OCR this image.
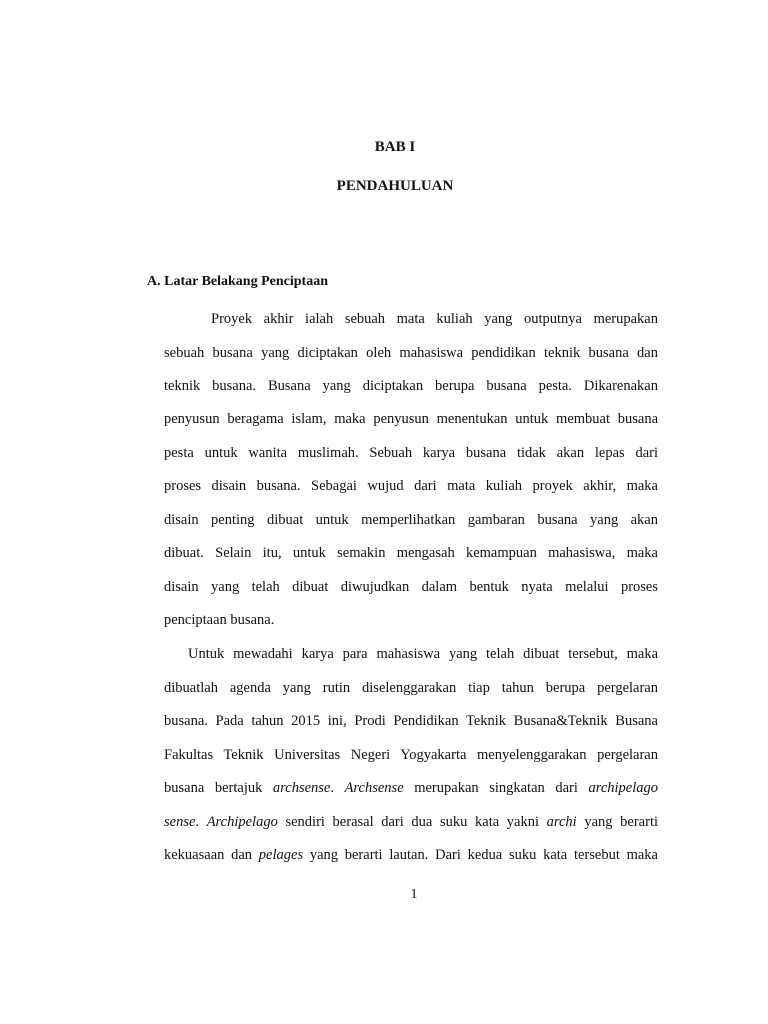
BAB I

PENDAHULUAN

A. Latar Belakang Penciptaan

Proyek akhir ialah sebuah mata kuliah yang outputnya merupakan

sebuah busana yang diciptakan oleh mahasiswa pendidikan teknik busana dan

teknik busana. Busana yang diciptakan berupa busana pesta. Dikarenakan

penyusun beragama islam, maka penyusun menentukan untuk membuat busana

pesta untuk wanita muslimah. Sebuah karya busana tidak akan lepas dari

proses disain busana. Sebagai wujud dari mata kuliah proyek akhir, maka

disain penting dibuat untuk memperlihatkan gambaran busana yang akan

dibuat. Selain itu, untuk semakin mengasah kemampuan mahasiswa, maka

disain yang telah dibuat diwujudkan dalam bentuk nyata melalui proses

penciptaan busana.

Untuk mewadahi karya para mahasiswa yang telah dibuat tersebut, maka

dibuatlah agenda yang rutin diselenggarakan tiap tahun berupa pergelaran

busana. Pada tahun 2015 ini, Prodi Pendidikan Teknik Busana&Teknik Busana

Fakultas Teknik Universitas Negeri Yogyakarta menyelenggarakan pergelaran

busana bertajuk archsense. Archsense merupakan singkatan dari archipelago

sense. Archipelago sendiri berasal dari dua suku kata yakni archi yang berarti

kekuasaan dan pelages yang berarti lautan. Dari kedua suku kata tersebut maka

1
